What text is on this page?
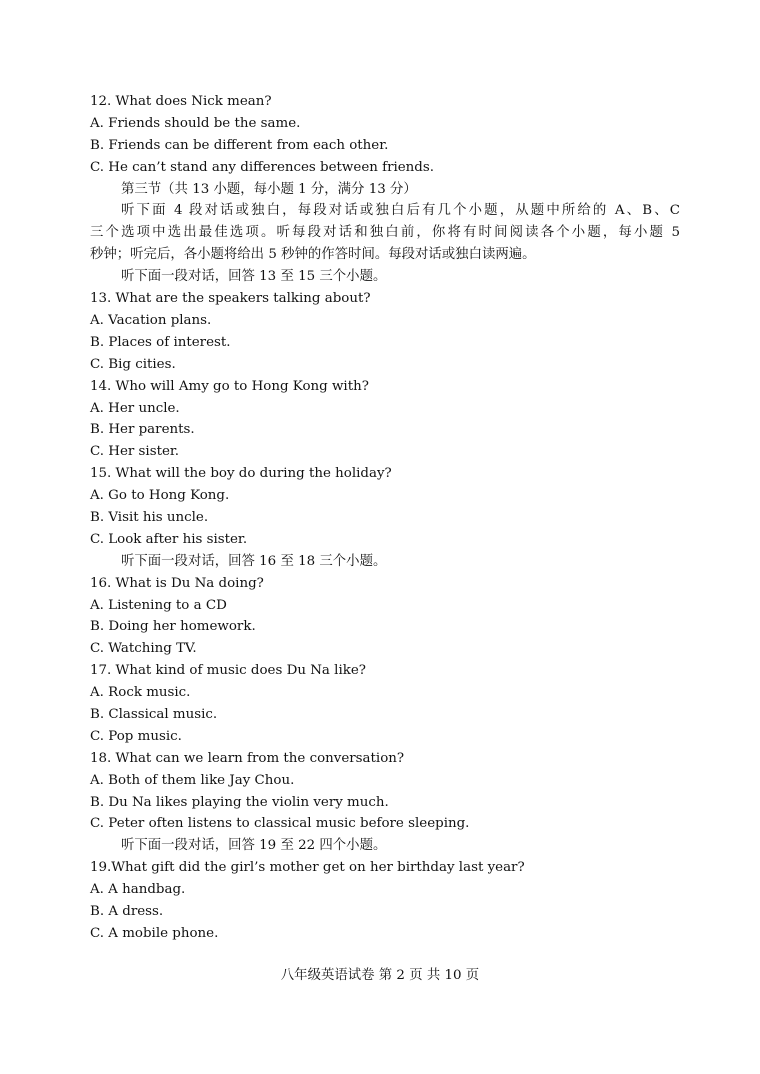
12. What does Nick mean?
A. Friends should be the same.
B. Friends can be different from each other.
C. He can’t stand any differences between friends.
第三节（共 13 小题，每小题 1 分，满分 13 分）
听下面 4 段对话或独白，每段对话或独白后有几个小题，从题中所给的 A、B、C
三个选项中选出最佳选项。听每段对话和独白前，你将有时间阅读各个小题，每小题 5
秒钟；听完后，各小题将给出 5 秒钟的作答时间。每段对话或独白读两遍。
听下面一段对话，回答 13 至 15 三个小题。
13. What are the speakers talking about?
A. Vacation plans.
B. Places of interest.
C. Big cities.
14. Who will Amy go to Hong Kong with?
A. Her uncle.
B. Her parents.
C. Her sister.
15. What will the boy do during the holiday?
A. Go to Hong Kong.
B. Visit his uncle.
C. Look after his sister.
听下面一段对话，回答 16 至 18 三个小题。
16. What is Du Na doing?
A. Listening to a CD
B. Doing her homework.
C. Watching TV.
17. What kind of music does Du Na like?
A. Rock music.
B. Classical music.
C. Pop music.
18. What can we learn from the conversation?
A. Both of them like Jay Chou.
B. Du Na likes playing the violin very much.
C. Peter often listens to classical music before sleeping.
听下面一段对话，回答 19 至 22 四个小题。
19.What gift did the girl’s mother get on her birthday last year?
A. A handbag.
B. A dress.
C. A mobile phone.
八年级英语试卷 第 2 页 共 10 页
